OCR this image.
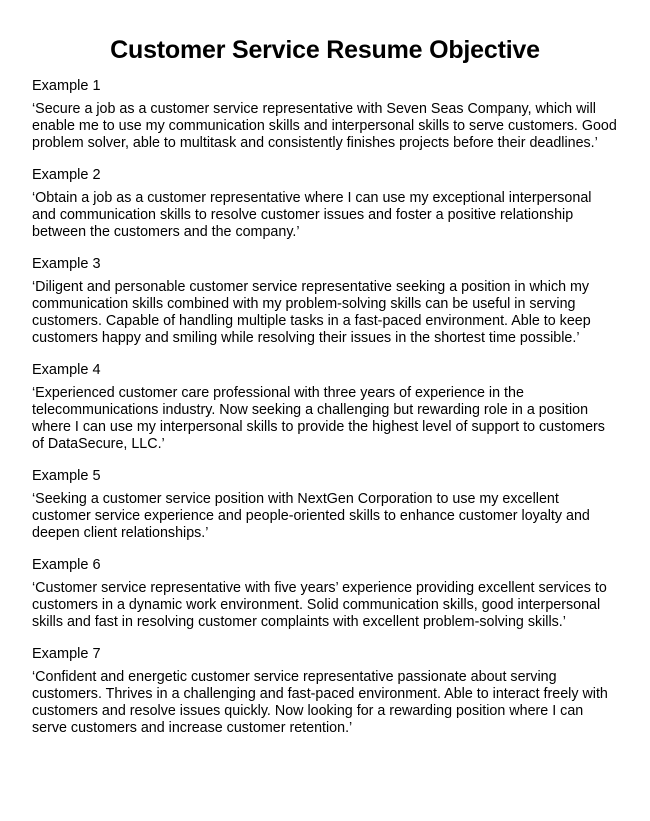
Customer Service Resume Objective
Example 1

‘Secure a job as a customer service representative with Seven Seas Company, which will enable me to use my communication skills and interpersonal skills to serve customers. Good problem solver, able to multitask and consistently finishes projects before their deadlines.’

Example 2

‘Obtain a job as a customer representative where I can use my exceptional interpersonal and communication skills to resolve customer issues and foster a positive relationship between the customers and the company.’

Example 3

‘Diligent and personable customer service representative seeking a position in which my communication skills combined with my problem-solving skills can be useful in serving customers. Capable of handling multiple tasks in a fast-paced environment. Able to keep customers happy and smiling while resolving their issues in the shortest time possible.’

Example 4

‘Experienced customer care professional with three years of experience in the telecommunications industry. Now seeking a challenging but rewarding role in a position where I can use my interpersonal skills to provide the highest level of support to customers of DataSecure, LLC.’

Example 5

‘Seeking a customer service position with NextGen Corporation to use my excellent customer service experience and people-oriented skills to enhance customer loyalty and deepen client relationships.’

Example 6

‘Customer service representative with five years’ experience providing excellent services to customers in a dynamic work environment. Solid communication skills, good interpersonal skills and fast in resolving customer complaints with excellent problem-solving skills.’

Example 7

‘Confident and energetic customer service representative passionate about serving customers. Thrives in a challenging and fast-paced environment. Able to interact freely with customers and resolve issues quickly. Now looking for a rewarding position where I can serve customers and increase customer retention.’
